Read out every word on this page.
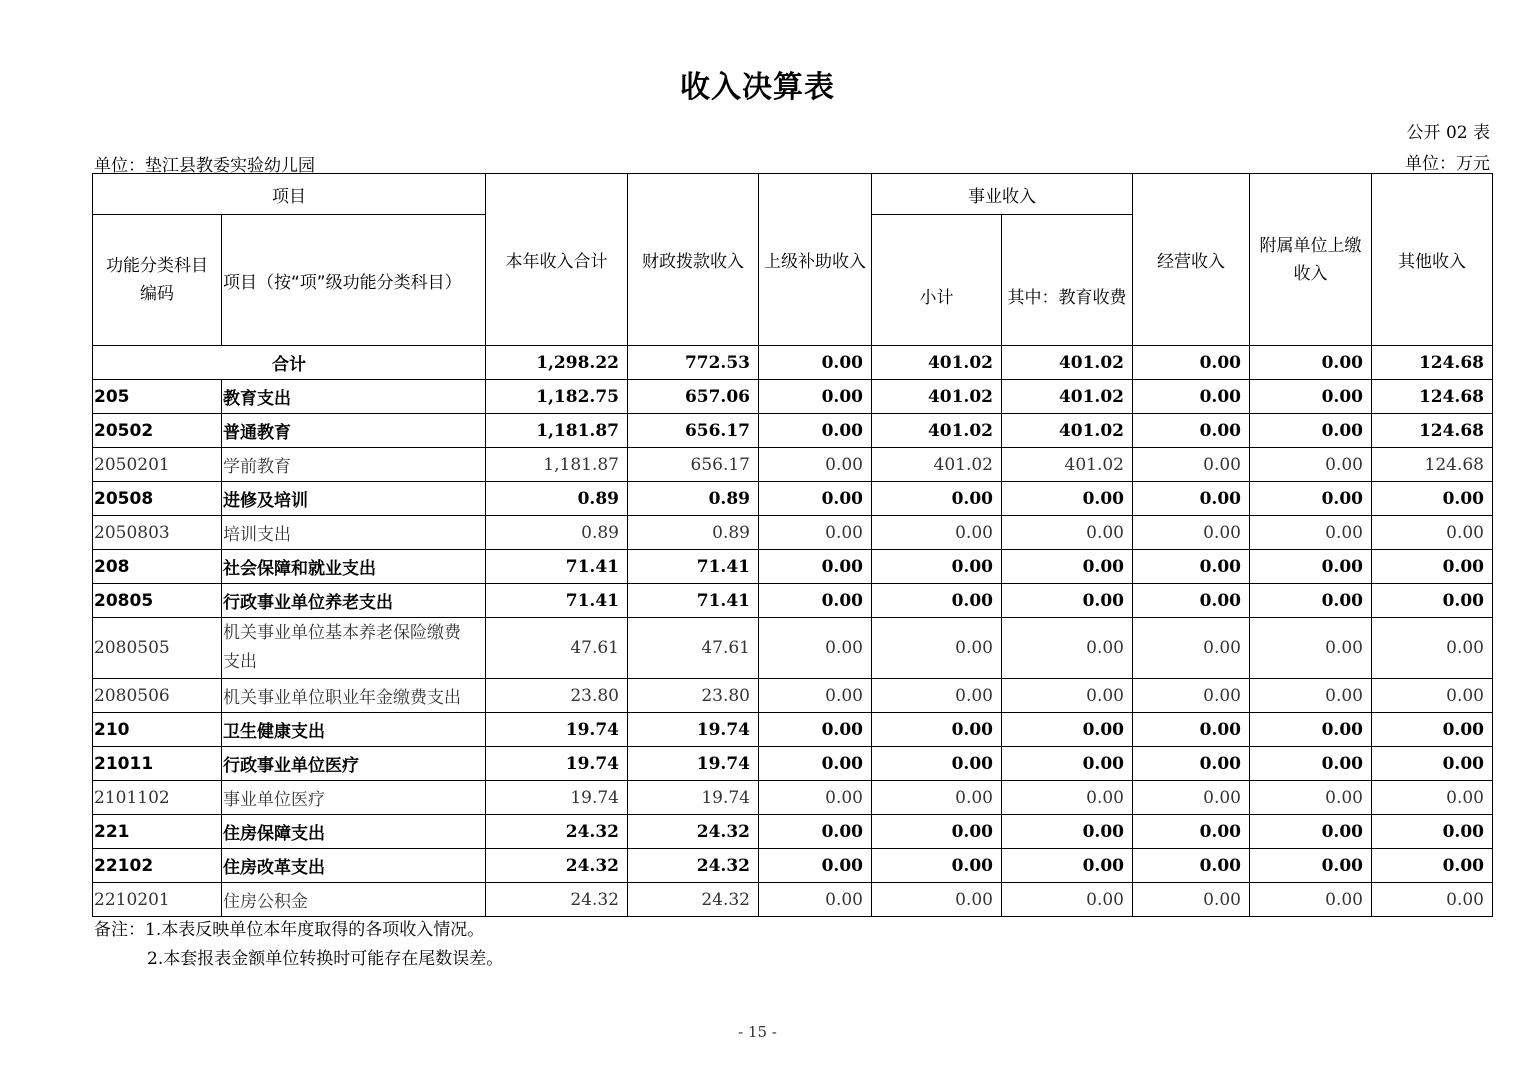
收入决算表
公开 02 表
单位：垫江县教委实验幼儿园	单位：万元
项目		本年收入合计	财政拨款收入	上级补助收入	事业收入		经营收入	附属单位上缴收入	其他收入
功能分类科目编码	项目（按“项”级功能分类科目）				小计	其中：教育收费			
合计		1,298.22	772.53	0.00	401.02	401.02	0.00	0.00	124.68
205	教育支出	1,182.75	657.06	0.00	401.02	401.02	0.00	0.00	124.68
20502	普通教育	1,181.87	656.17	0.00	401.02	401.02	0.00	0.00	124.68
2050201	学前教育	1,181.87	656.17	0.00	401.02	401.02	0.00	0.00	124.68
20508	进修及培训	0.89	0.89	0.00	0.00	0.00	0.00	0.00	0.00
2050803	培训支出	0.89	0.89	0.00	0.00	0.00	0.00	0.00	0.00
208	社会保障和就业支出	71.41	71.41	0.00	0.00	0.00	0.00	0.00	0.00
20805	行政事业单位养老支出	71.41	71.41	0.00	0.00	0.00	0.00	0.00	0.00
2080505	机关事业单位基本养老保险缴费支出	47.61	47.61	0.00	0.00	0.00	0.00	0.00	0.00
2080506	机关事业单位职业年金缴费支出	23.80	23.80	0.00	0.00	0.00	0.00	0.00	0.00
210	卫生健康支出	19.74	19.74	0.00	0.00	0.00	0.00	0.00	0.00
21011	行政事业单位医疗	19.74	19.74	0.00	0.00	0.00	0.00	0.00	0.00
2101102	事业单位医疗	19.74	19.74	0.00	0.00	0.00	0.00	0.00	0.00
221	住房保障支出	24.32	24.32	0.00	0.00	0.00	0.00	0.00	0.00
22102	住房改革支出	24.32	24.32	0.00	0.00	0.00	0.00	0.00	0.00
2210201	住房公积金	24.32	24.32	0.00	0.00	0.00	0.00	0.00	0.00
备注：1.本表反映单位本年度取得的各项收入情况。
2.本套报表金额单位转换时可能存在尾数误差。
- 15 -
